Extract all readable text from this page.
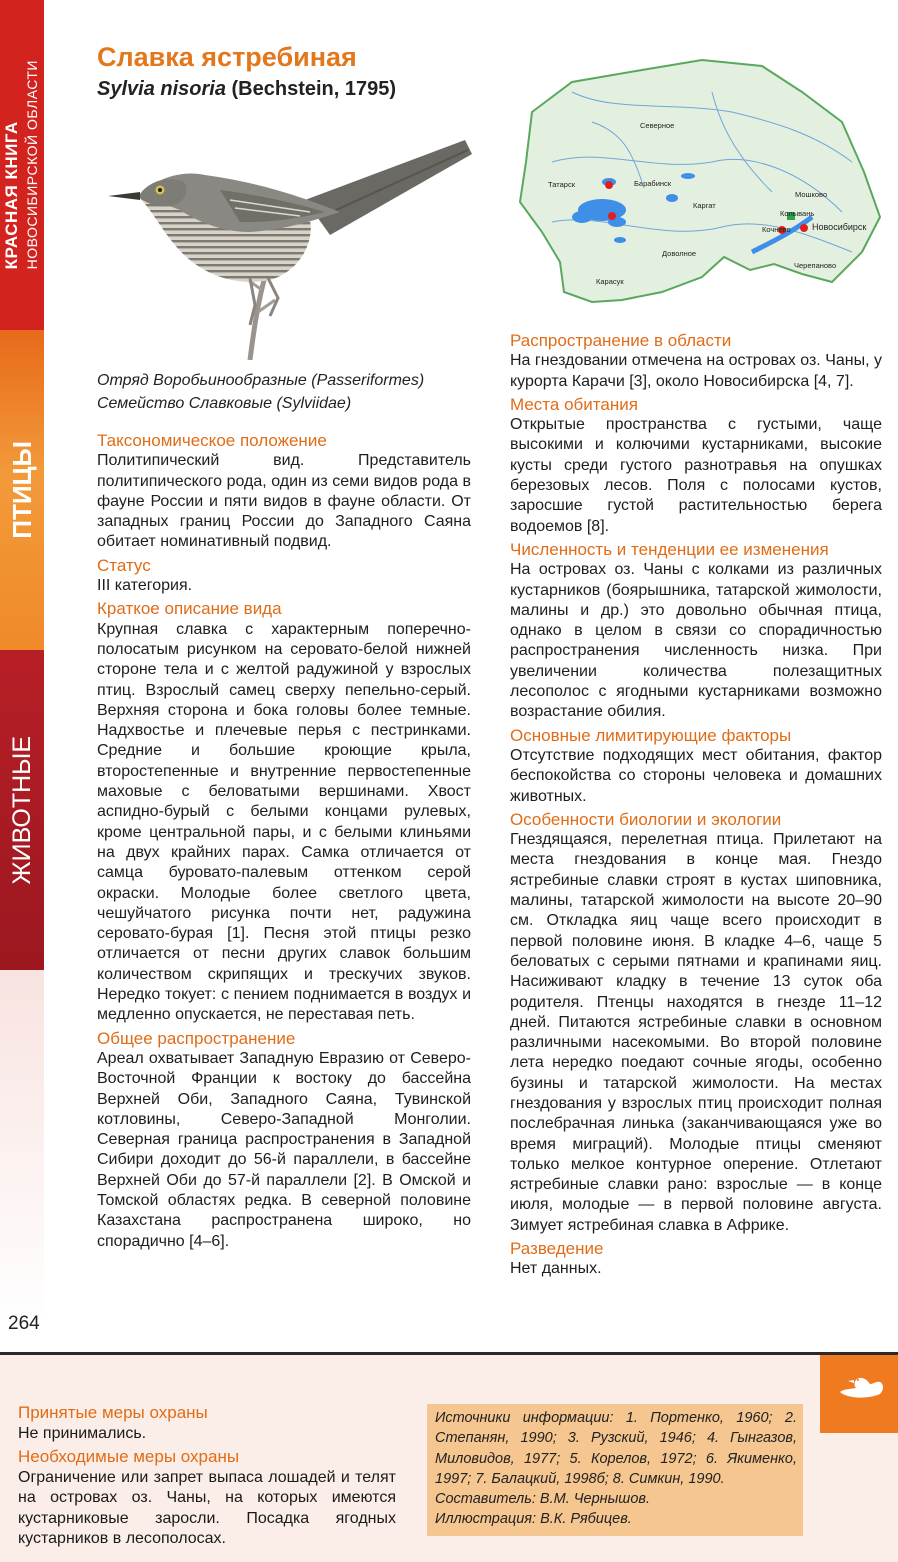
КРАСНАЯ КНИГА НОВОСИБИРСКОЙ ОБЛАСТИ
ПТИЦЫ
ЖИВОТНЫЕ
264
Славка ястребиная
Sylvia nisoria (Bechstein, 1795)
Северное
Татарск	Барабинск
Каргат
Мошково
Колывань
Новосибирск
Кочнево
Доволное
Черепаново
Карасук
Отряд Воробьинообразные (Passeriformes)
Семейство Славковые (Sylviidae)
Таксономическое положение
Политипический вид. Представитель политипического рода, один из семи видов рода в фауне России и пяти видов в фауне области. От западных границ России до Западного Саяна обитает номинативный подвид.
Статус
III категория.
Краткое описание вида
Крупная славка с характерным поперечно-полосатым рисунком на серовато-белой нижней стороне тела и с желтой радужиной у взрослых птиц. Взрослый самец сверху пепельно-серый. Верхняя сторона и бока головы более темные. Надхвостье и плечевые перья с пестринками. Средние и большие кроющие крыла, второстепенные и внутренние первостепенные маховые с беловатыми вершинами. Хвост аспидно-бурый с белыми концами рулевых, кроме центральной пары, и с белыми клиньями на двух крайних парах. Самка отличается от самца буровато-палевым оттенком серой окраски. Молодые более светлого цвета, чешуйчатого рисунка почти нет, радужина серовато-бурая [1]. Песня этой птицы резко отличается от песни других славок большим количеством скрипящих и трескучих звуков. Нередко токует: с пением поднимается в воздух и медленно опускается, не переставая петь.
Общее распространение
Ареал охватывает Западную Евразию от Северо-Восточной Франции к востоку до бассейна Верхней Оби, Западного Саяна, Тувинской котловины, Северо-Западной Монголии. Северная граница распространения в Западной Сибири доходит до 56-й параллели, в бассейне Верхней Оби до 57-й параллели [2]. В Омской и Томской областях редка. В северной половине Казахстана распространена широко, но спорадично [4–6].
Распространение в области
На гнездовании отмечена на островах оз. Чаны, у курорта Карачи [3], около Новосибирска [4, 7].
Места обитания
Открытые пространства с густыми, чаще высокими и колючими кустарниками, высокие кусты среди густого разнотравья на опушках березовых лесов. Поля с полосами кустов, заросшие густой растительностью берега водоемов [8].
Численность и тенденции ее изменения
На островах оз. Чаны с колками из различных кустарников (боярышника, татарской жимолости, малины и др.) это довольно обычная птица, однако в целом в связи со спорадичностью распространения численность низка. При увеличении количества полезащитных лесополос с ягодными кустарниками возможно возрастание обилия.
Основные лимитирующие факторы
Отсутствие подходящих мест обитания, фактор беспокойства со стороны человека и домашних животных.
Особенности биологии и экологии
Гнездящаяся, перелетная птица. Прилетают на места гнездования в конце мая. Гнездо ястребиные славки строят в кустах шиповника, малины, татарской жимолости на высоте 20–90 см. Откладка яиц чаще всего происходит в первой половине июня. В кладке 4–6, чаще 5 беловатых с серыми пятнами и крапинами яиц. Насиживают кладку в течение 13 суток оба родителя. Птенцы находятся в гнезде 11–12 дней. Питаются ястребиные славки в основном различными насекомыми. Во второй половине лета нередко поедают сочные ягоды, особенно бузины и татарской жимолости. На местах гнездования у взрослых птиц происходит полная послебрачная линька (заканчивающаяся уже во время миграций). Молодые птицы сменяют только мелкое контурное оперение. Отлетают ястребиные славки рано: взрослые — в конце июля, молодые — в первой половине августа. Зимует ястребиная славка в Африке.
Разведение
Нет данных.
Принятые меры охраны
Не принимались.
Необходимые меры охраны
Ограничение или запрет выпаса лошадей и телят на островах оз. Чаны, на которых имеются кустарниковые заросли. Посадка ягодных кустарников в лесополосах.
Источники информации: 1. Портенко, 1960; 2. Степанян, 1990; 3. Рузский, 1946; 4. Гынгазов, Миловидов, 1977; 5. Корелов, 1972; 6. Якименко, 1997; 7. Балацкий, 1998б; 8. Симкин, 1990.
Составитель: В.М. Чернышов.
Иллюстрация: В.К. Рябицев.
